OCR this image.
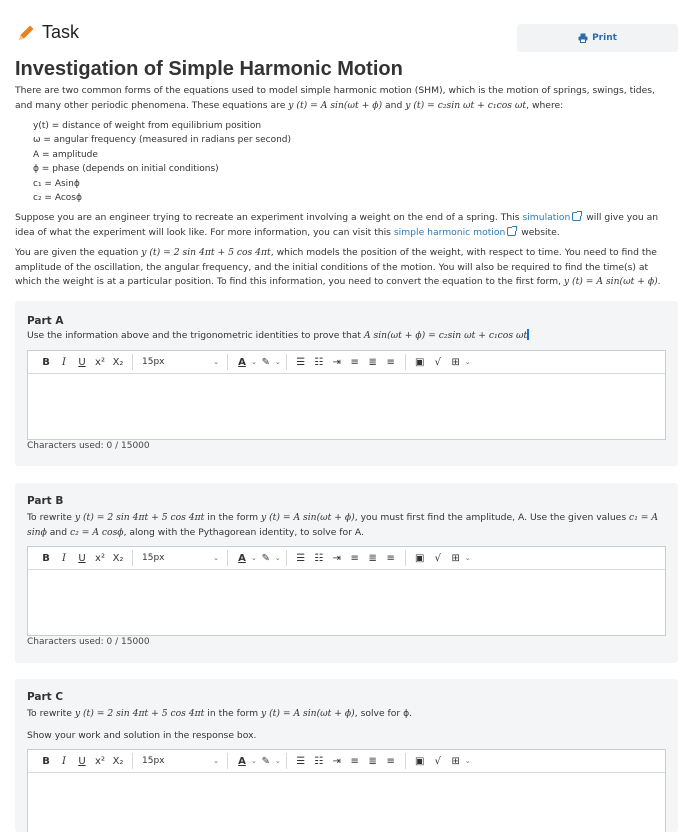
Task	Print
Investigation of Simple Harmonic Motion
There are two common forms of the equations used to model simple harmonic motion (SHM), which is the motion of springs, swings, tides, and many other periodic phenomena. These equations are y (t) = A sin(ωt + ϕ) and y (t) = c₂sin ωt + c₁cos ωt, where:
y(t) = distance of weight from equilibrium position
ω = angular frequency (measured in radians per second)
A = amplitude
ϕ = phase (depends on initial conditions)
c₁ = Asinϕ
c₂ = Acosϕ
Suppose you are an engineer trying to recreate an experiment involving a weight on the end of a spring. This simulation will give you an idea of what the experiment will look like. For more information, you can visit this simple harmonic motion website.
You are given the equation y (t) = 2 sin 4πt + 5 cos 4πt, which models the position of the weight, with respect to time. You need to find the amplitude of the oscillation, the angular frequency, and the initial conditions of the motion. You will also be required to find the time(s) at which the weight is at a particular position. To find this information, you need to convert the equation to the first form, y (t) = A sin(ωt + ϕ).
Part A
Use the information above and the trigonometric identities to prove that A sin(ωt + ϕ) = c₂sin ωt + c₁cos ωt
B	I	U x² X₂	15px	⌄	A ⌄ ✎ ⌄	☰ ☷ ⇥ ≡ ≣ ≡	▣	√	⊞ ⌄
Characters used: 0 / 15000
Part B
To rewrite y (t) = 2 sin 4πt + 5 cos 4πt in the form y (t) = A sin(ωt + ϕ), you must first find the amplitude, A. Use the given values c₁ = A sinϕ and c₂ = A cosϕ, along with the Pythagorean identity, to solve for A.
B	I	U x² X₂	15px	⌄	A ⌄ ✎ ⌄	☰ ☷ ⇥ ≡ ≣ ≡	▣	√	⊞ ⌄
Characters used: 0 / 15000
Part C
To rewrite y (t) = 2 sin 4πt + 5 cos 4πt in the form y (t) = A sin(ωt + ϕ), solve for ϕ.
Show your work and solution in the response box.
B	I	U x² X₂	15px	⌄	A ⌄ ✎ ⌄	☰ ☷ ⇥ ≡ ≣ ≡	▣	√	⊞ ⌄
